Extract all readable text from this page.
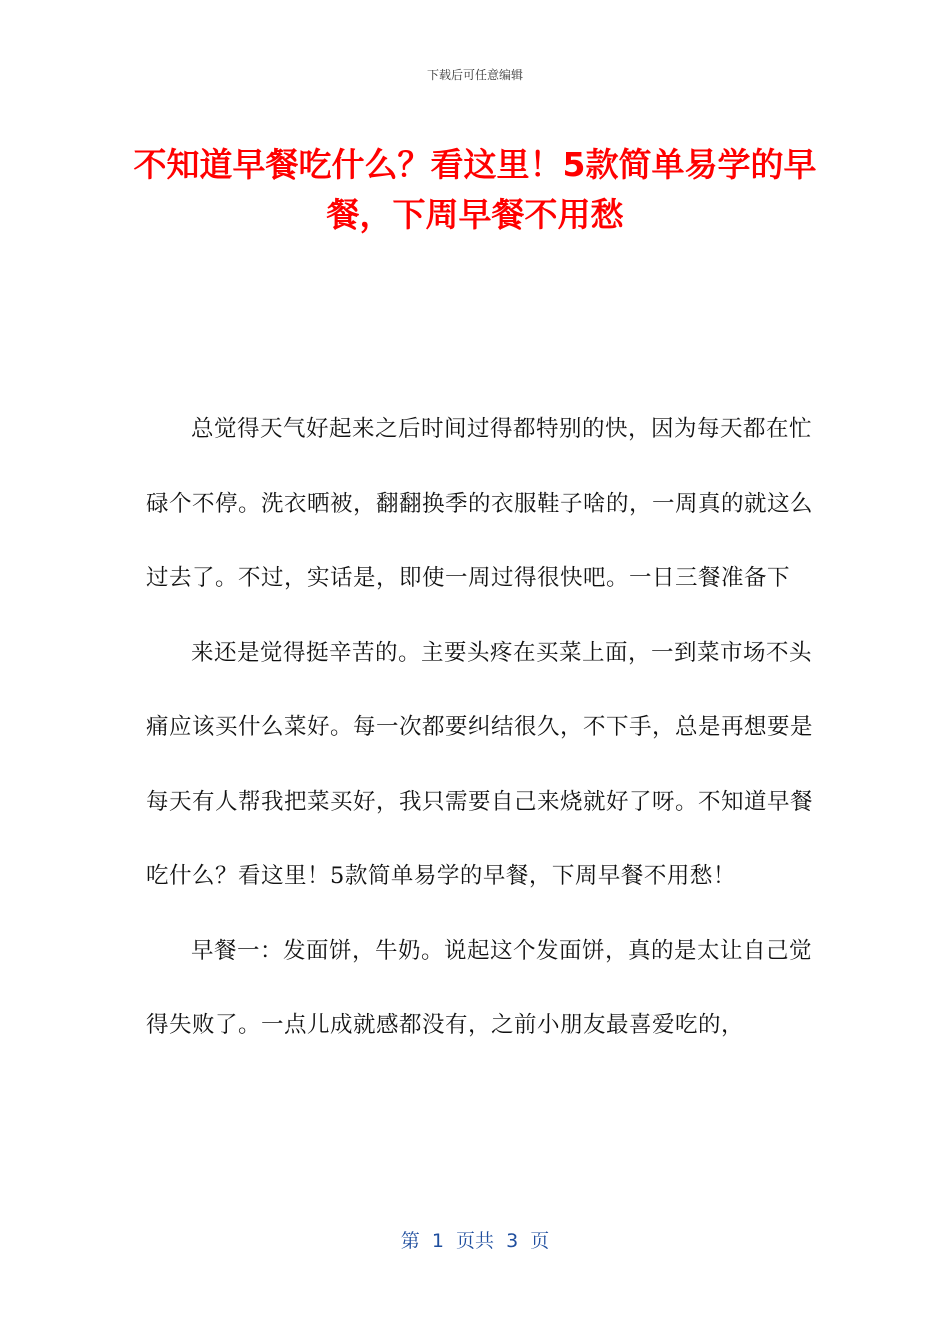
下载后可任意编辑
不知道早餐吃什么？看这里！5款简单易学的早餐，下周早餐不用愁

总觉得天气好起来之后时间过得都特别的快，因为每天都在忙碌个不停。洗衣晒被，翻翻换季的衣服鞋子啥的，一周真的就这么过去了。不过，实话是，即使一周过得很快吧。一日三餐准备下

来还是觉得挺辛苦的。主要头疼在买菜上面，一到菜市场不头痛应该买什么菜好。每一次都要纠结很久，不下手，总是再想要是每天有人帮我把菜买好，我只需要自己来烧就好了呀。不知道早餐吃什么？看这里！5款简单易学的早餐，下周早餐不用愁！

早餐一：发面饼，牛奶。说起这个发面饼，真的是太让自己觉得失败了。一点儿成就感都没有，之前小朋友最喜爱吃的，

第  1  页共  3  页
